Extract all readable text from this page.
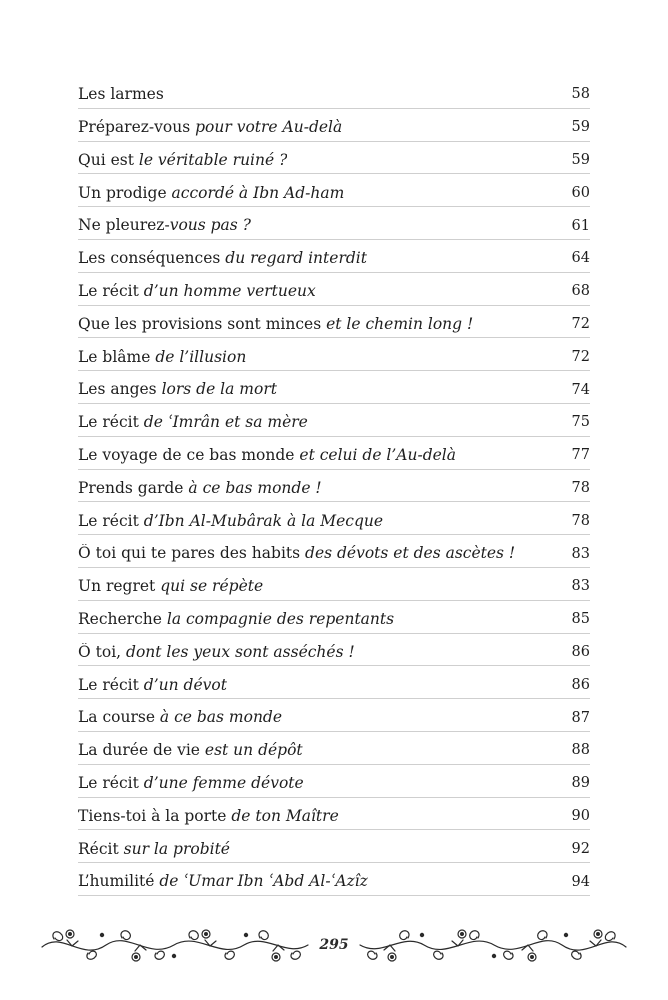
Les larmes	58
Préparez-vous pour votre Au-delà	59
Qui est le véritable ruiné ?	59
Un prodige accordé à Ibn Ad-ham	60
Ne pleurez-vous pas ?	61
Les conséquences du regard interdit	64
Le récit d’un homme vertueux	68
Que les provisions sont minces et le chemin long !	72
Le blâme de l’illusion	72
Les anges lors de la mort	74
Le récit de ʿImrân et sa mère	75
Le voyage de ce bas monde et celui de l’Au-delà	77
Prends garde à ce bas monde !	78
Le récit d’Ibn Al-Mubârak à la Mecque	78
Ô toi qui te pares des habits des dévots et des ascètes !	83
Un regret qui se répète	83
Recherche la compagnie des repentants	85
Ô toi, dont les yeux sont asséchés !	86
Le récit d’un dévot	86
La course à ce bas monde	87
La durée de vie est un dépôt	88
Le récit d’une femme dévote	89
Tiens-toi à la porte de ton Maître	90
Récit sur la probité	92
L’humilité de ʿUmar Ibn ʿAbd Al-ʿAzîz	94
295
